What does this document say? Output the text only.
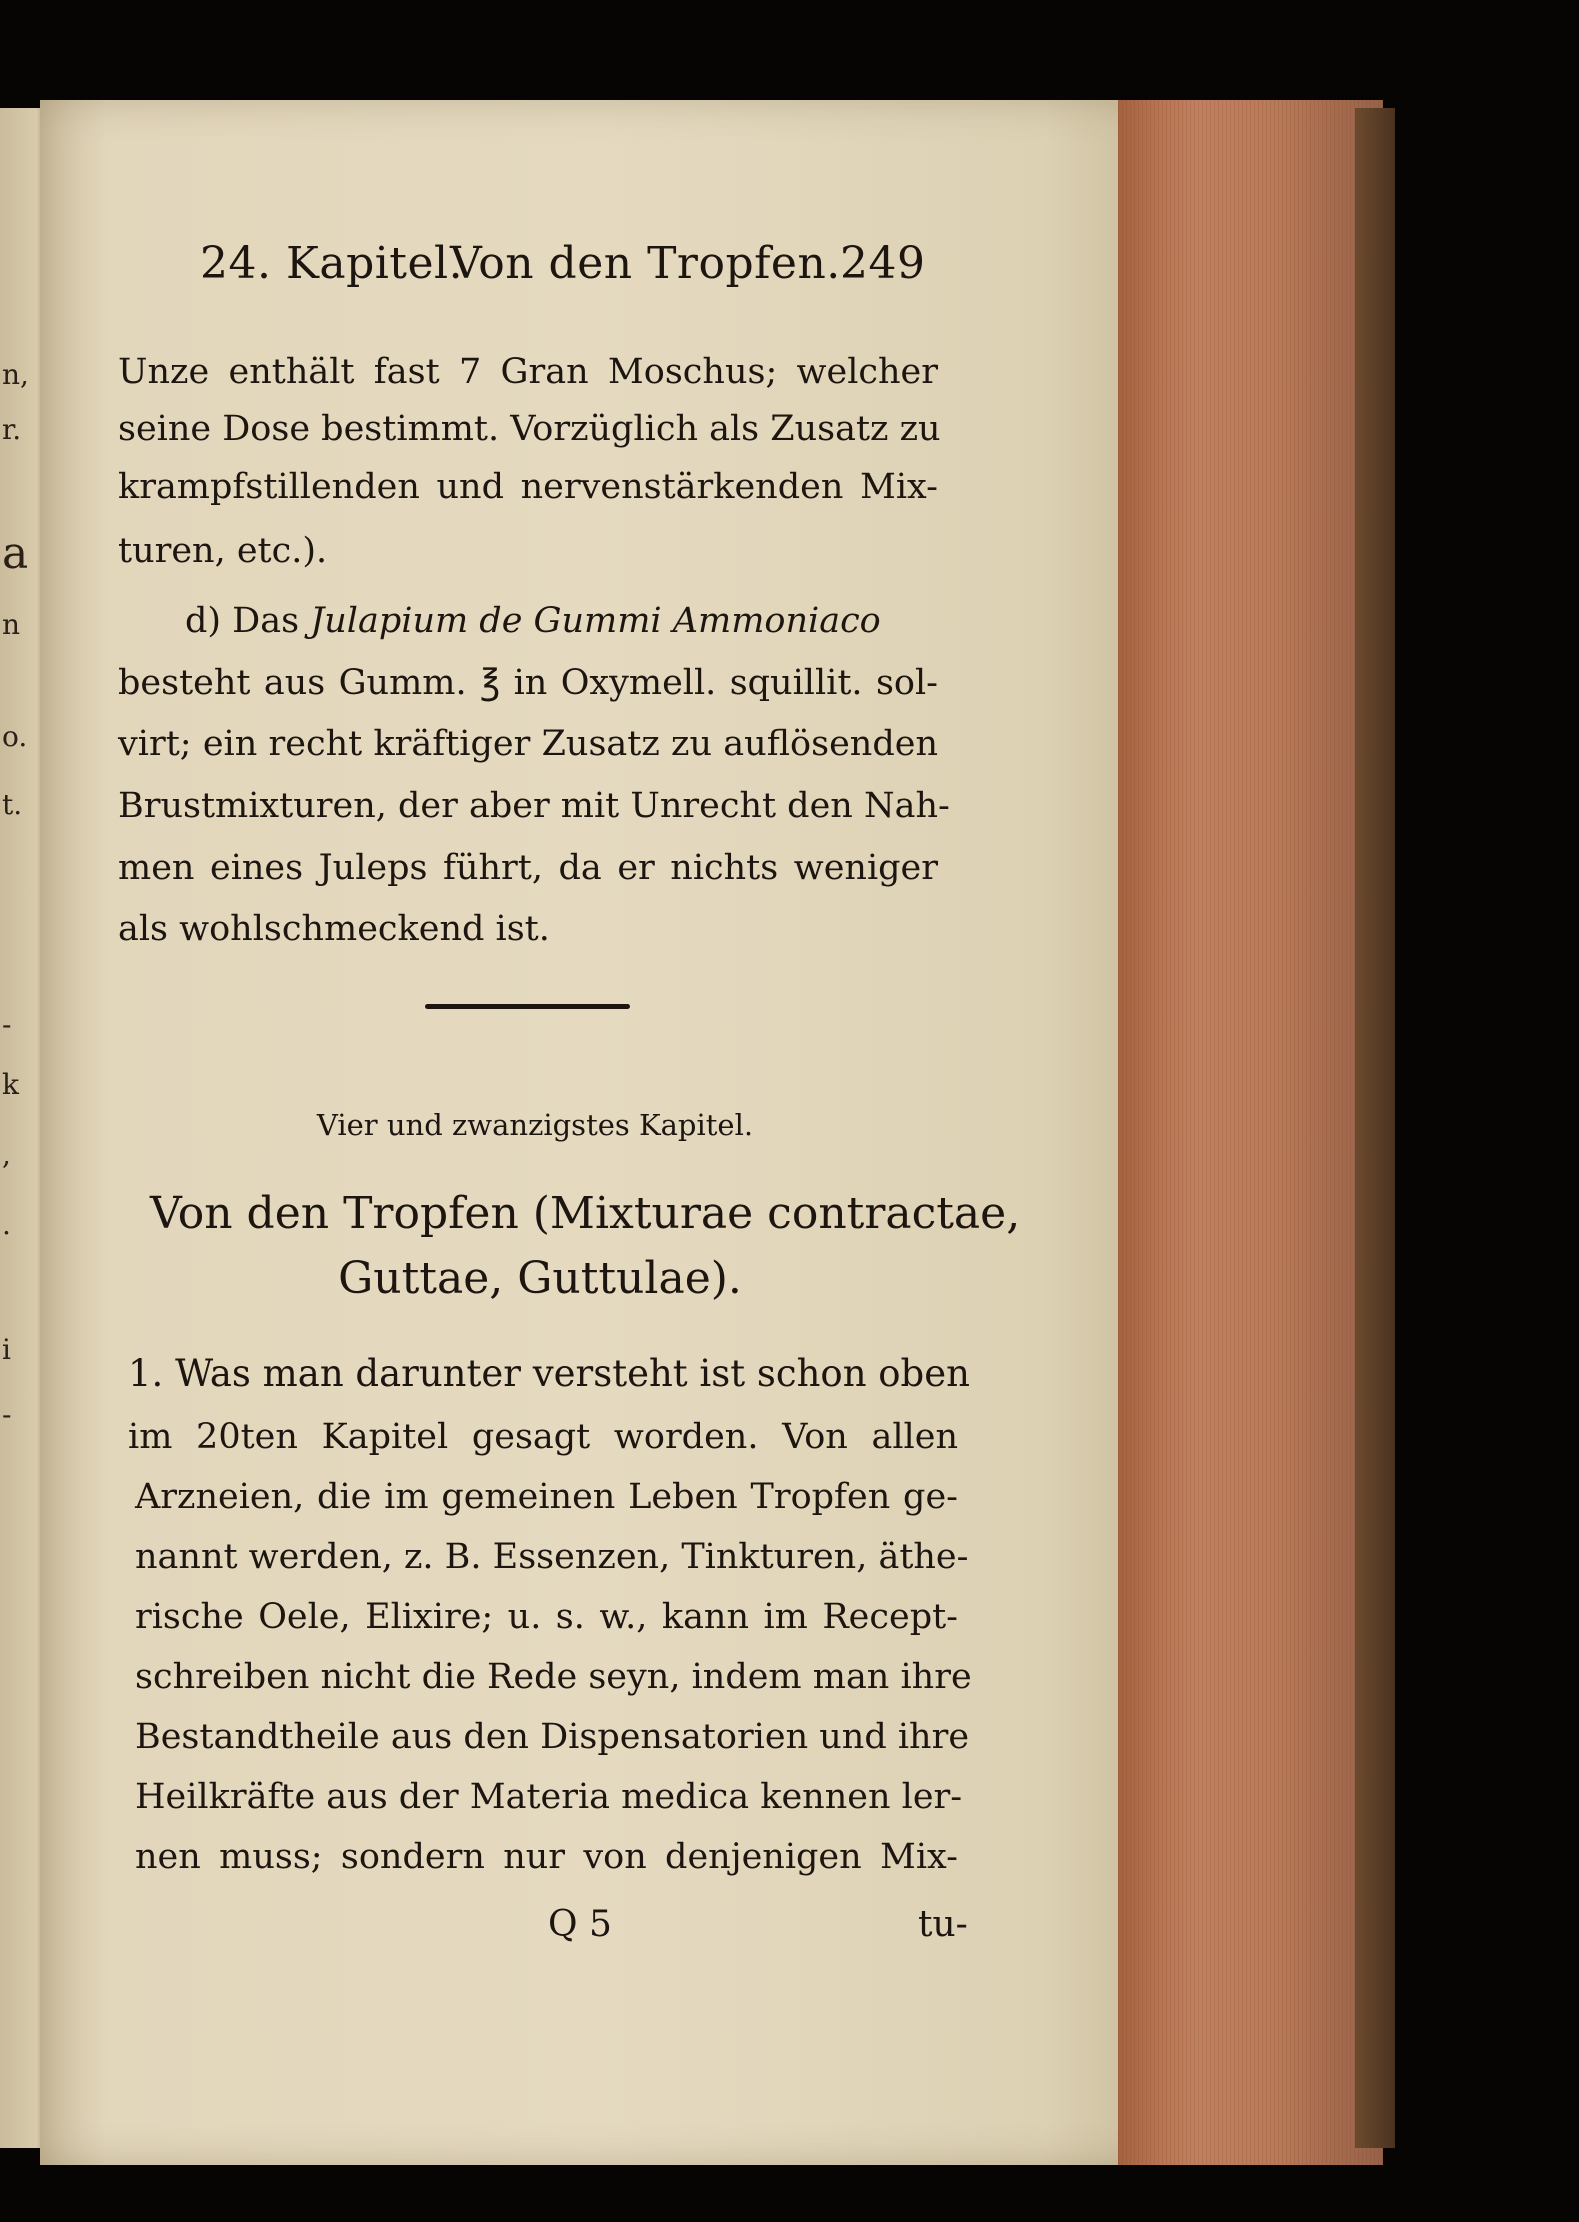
n,
r.
a
n
o.
t.
-
k
,
.
i
-
24. Kapitel.
Von den Tropfen. 249
Unze enthält fast 7 Gran Moschus; welcher
seine Dose bestimmt. Vorzüglich als Zusatz zu
krampfstillenden und nervenstärkenden Mix-
turen, etc.).
d) Das Julapium de Gummi Ammoniaco
besteht aus Gumm. ℥ in Oxymell. squillit. sol-
virt; ein recht kräftiger Zusatz zu auflösenden
Brustmixturen, der aber mit Unrecht den Nah-
men eines Juleps führt, da er nichts weniger
als wohlschmeckend ist.
Vier und zwanzigstes Kapitel.
Von den Tropfen (Mixturae contractae,
Guttae, Guttulae).
1. Was man darunter versteht ist schon oben
im 20ten Kapitel gesagt worden. Von allen
Arzneien, die im gemeinen Leben Tropfen ge-
nannt werden, z. B. Essenzen, Tinkturen, äthe-
rische Oele, Elixire; u. s. w., kann im Recept-
schreiben nicht die Rede seyn, indem man ihre
Bestandtheile aus den Dispensatorien und ihre
Heilkräfte aus der Materia medica kennen ler-
nen muss; sondern nur von denjenigen Mix-
Q 5	tu-
